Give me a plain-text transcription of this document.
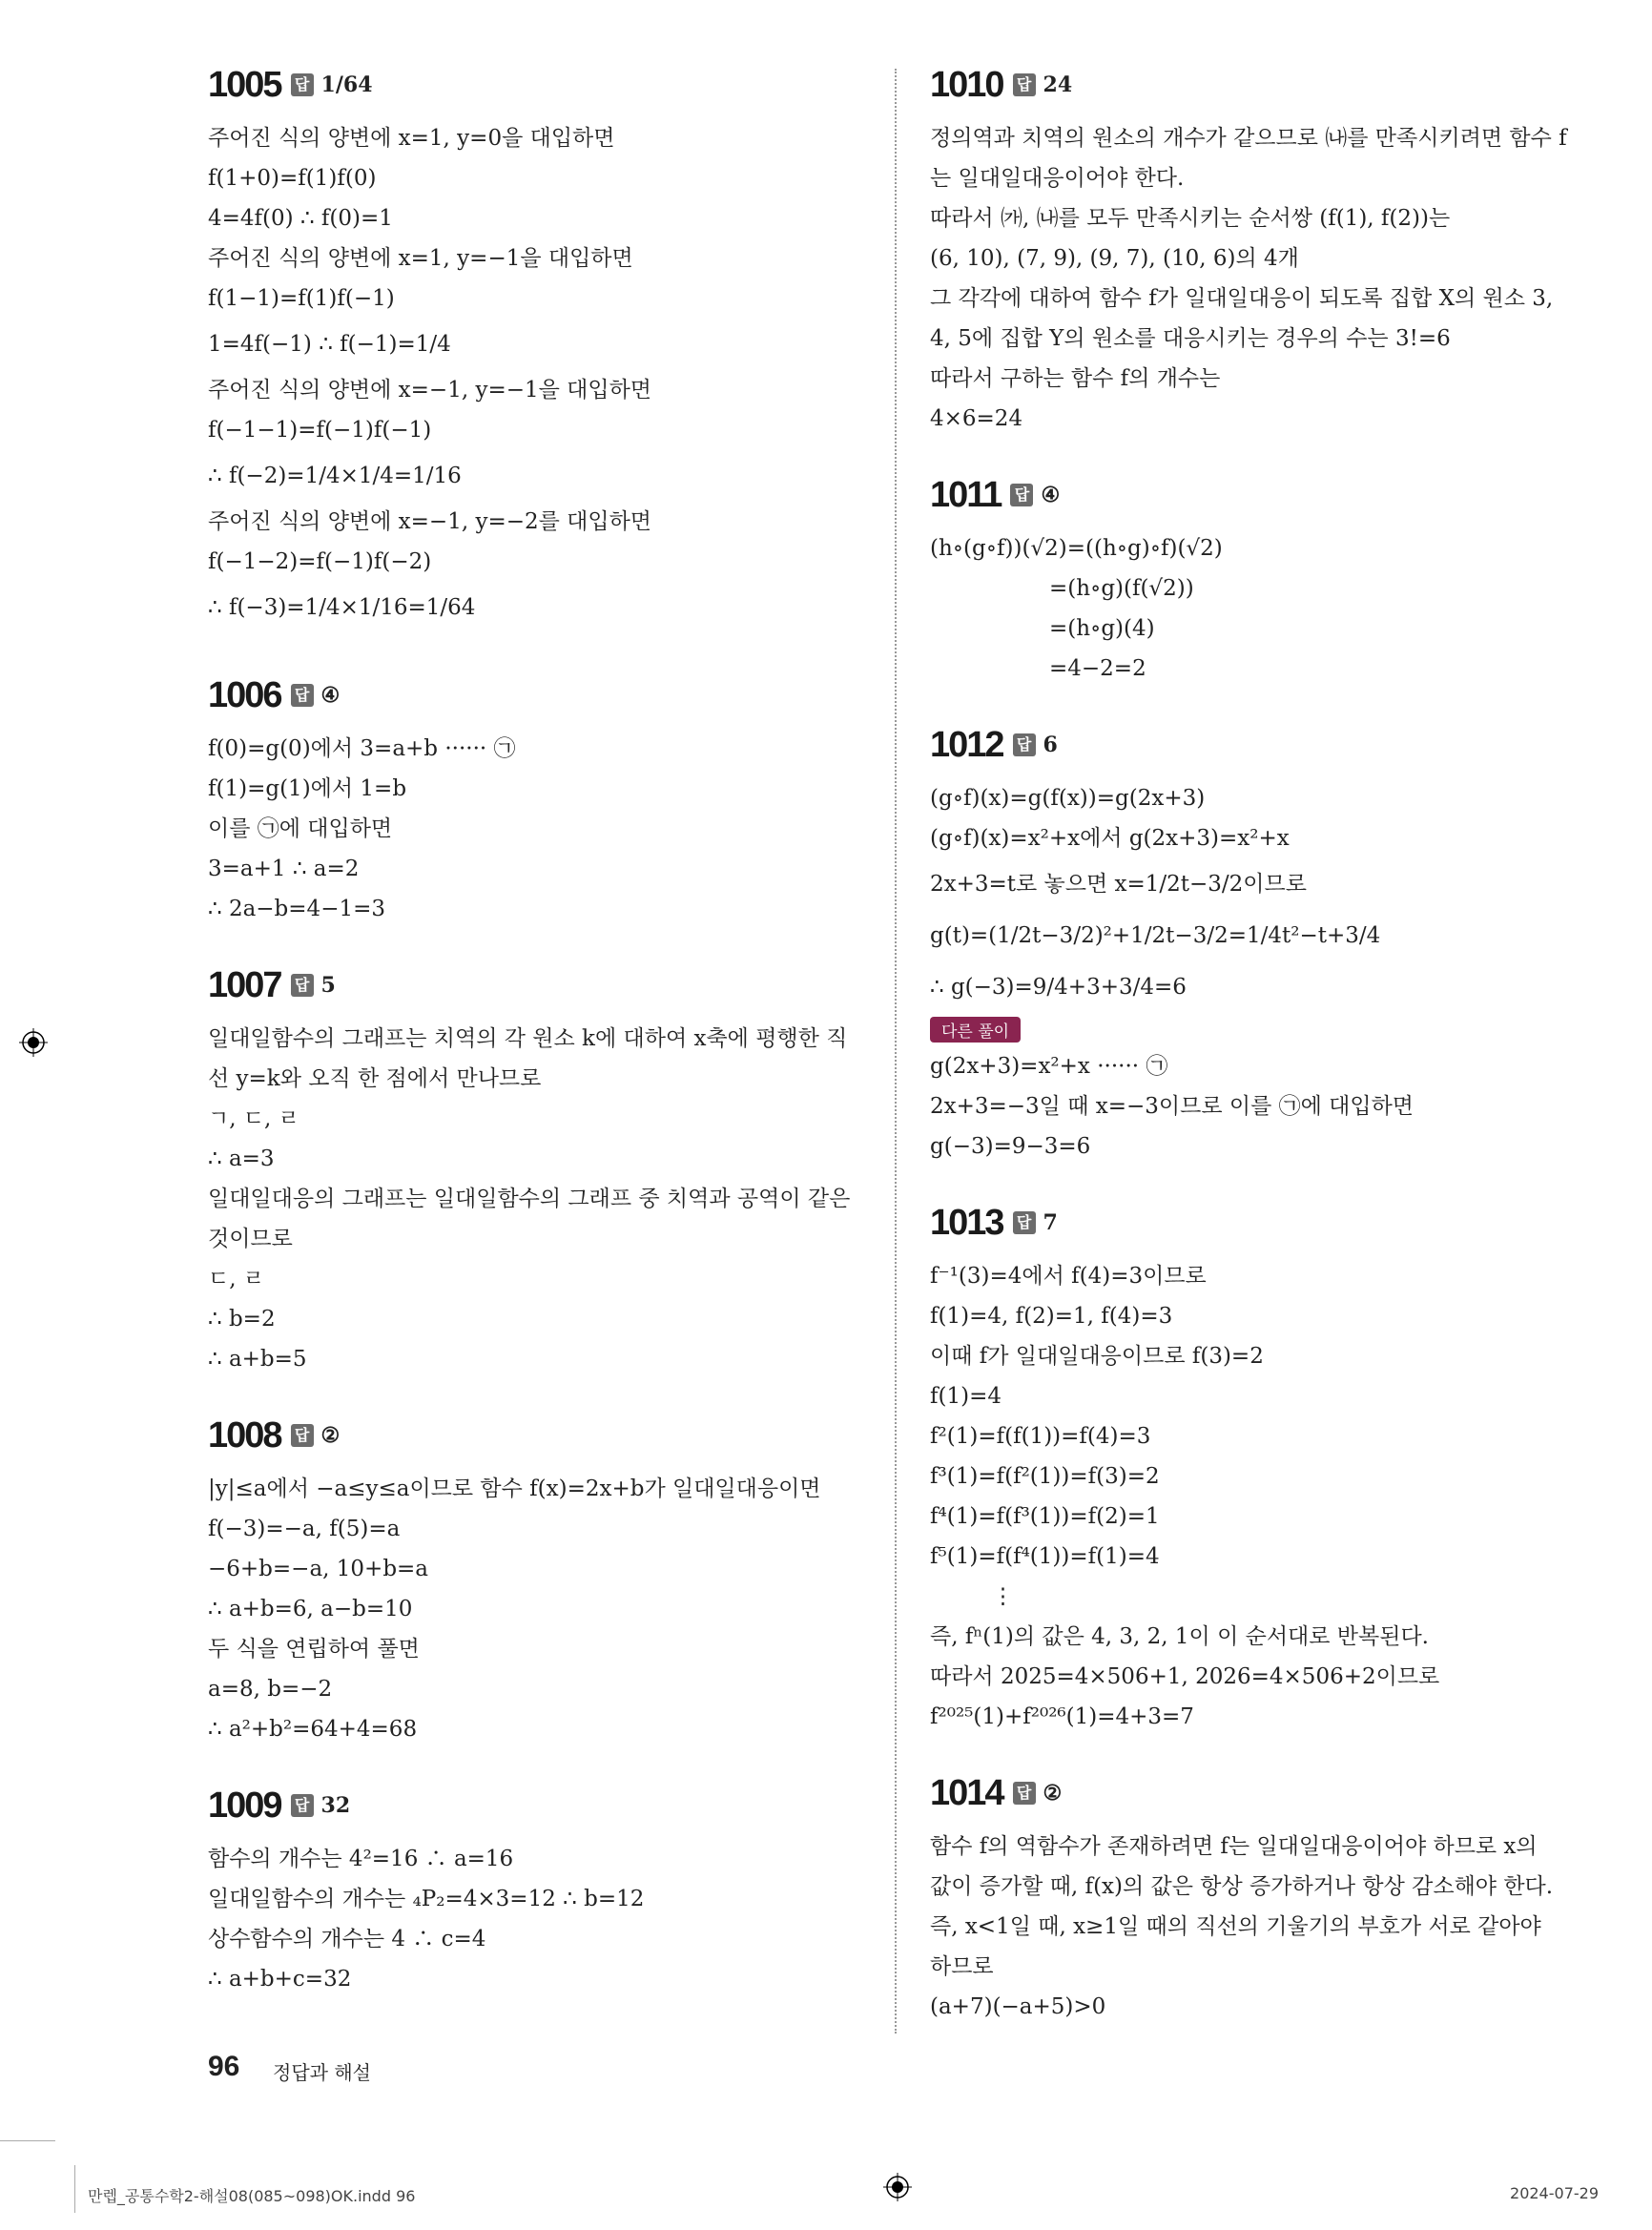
1005 답 1/64
주어진 식의 양변에 x=1, y=0을 대입하면
f(1+0)=f(1)f(0)
4=4f(0) ∴ f(0)=1
주어진 식의 양변에 x=1, y=−1을 대입하면
f(1−1)=f(1)f(−1)
1=4f(−1) ∴ f(−1)=1/4
주어진 식의 양변에 x=−1, y=−1을 대입하면
f(−1−1)=f(−1)f(−1)
∴ f(−2)=1/4×1/4=1/16
주어진 식의 양변에 x=−1, y=−2를 대입하면
f(−1−2)=f(−1)f(−2)
∴ f(−3)=1/4×1/16=1/64
1006 답 ④
f(0)=g(0)에서 3=a+b ······ ㉠
f(1)=g(1)에서 1=b
이를 ㉠에 대입하면
3=a+1 ∴ a=2
∴ 2a−b=4−1=3
1007 답 5
일대일함수의 그래프는 치역의 각 원소 k에 대하여 x축에 평행한 직
선 y=k와 오직 한 점에서 만나므로
ㄱ, ㄷ, ㄹ
∴ a=3
일대일대응의 그래프는 일대일함수의 그래프 중 치역과 공역이 같은
것이므로
ㄷ, ㄹ
∴ b=2
∴ a+b=5
1008 답 ②
|y|≤a에서 −a≤y≤a이므로 함수 f(x)=2x+b가 일대일대응이면
f(−3)=−a, f(5)=a
−6+b=−a, 10+b=a
∴ a+b=6, a−b=10
두 식을 연립하여 풀면
a=8, b=−2
∴ a²+b²=64+4=68
1009 답 32
함수의 개수는 4²=16 ∴ a=16
일대일함수의 개수는 ₄P₂=4×3=12 ∴ b=12
상수함수의 개수는 4 ∴ c=4
∴ a+b+c=32
1010 답 24
정의역과 치역의 원소의 개수가 같으므로 ㈏를 만족시키려면 함수 f
는 일대일대응이어야 한다.
따라서 ㈎, ㈏를 모두 만족시키는 순서쌍 (f(1), f(2))는
(6, 10), (7, 9), (9, 7), (10, 6)의 4개
그 각각에 대하여 함수 f가 일대일대응이 되도록 집합 X의 원소 3,
4, 5에 집합 Y의 원소를 대응시키는 경우의 수는 3!=6
따라서 구하는 함수 f의 개수는
4×6=24
1011 답 ④
(h∘(g∘f))(√2)=((h∘g)∘f)(√2)
=(h∘g)(f(√2))
=(h∘g)(4)
=4−2=2
1012 답 6
(g∘f)(x)=g(f(x))=g(2x+3)
(g∘f)(x)=x²+x에서 g(2x+3)=x²+x
2x+3=t로 놓으면 x=1/2t−3/2이므로
g(t)=(1/2t−3/2)²+1/2t−3/2=1/4t²−t+3/4
∴ g(−3)=9/4+3+3/4=6
다른 풀이
g(2x+3)=x²+x ······ ㉠
2x+3=−3일 때 x=−3이므로 이를 ㉠에 대입하면
g(−3)=9−3=6
1013 답 7
f⁻¹(3)=4에서 f(4)=3이므로
f(1)=4, f(2)=1, f(4)=3
이때 f가 일대일대응이므로 f(3)=2
f(1)=4
f²(1)=f(f(1))=f(4)=3
f³(1)=f(f²(1))=f(3)=2
f⁴(1)=f(f³(1))=f(2)=1
f⁵(1)=f(f⁴(1))=f(1)=4
⋮
즉, fⁿ(1)의 값은 4, 3, 2, 1이 이 순서대로 반복된다.
따라서 2025=4×506+1, 2026=4×506+2이므로
f²⁰²⁵(1)+f²⁰²⁶(1)=4+3=7
1014 답 ②
함수 f의 역함수가 존재하려면 f는 일대일대응이어야 하므로 x의
값이 증가할 때, f(x)의 값은 항상 증가하거나 항상 감소해야 한다.
즉, x<1일 때, x≥1일 때의 직선의 기울기의 부호가 서로 같아야
하므로
(a+7)(−a+5)>0
96 정답과 해설
만렙_공통수학2-해설08(085~098)OK.indd 96	2024-07-29
